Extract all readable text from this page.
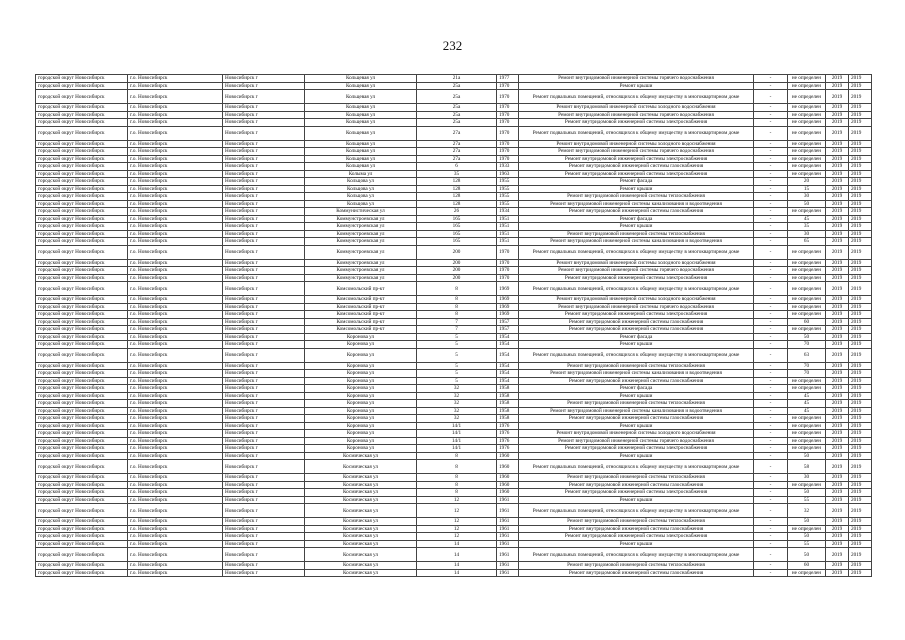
232
городской округ Новосибирск	г.о. Новосибирск	Новосибирск г	Кольцевая ул	21а	1977	Ремонт внутридомовой инженерной системы горячего водоснабжения	-	не определен	2019	2019
городской округ Новосибирск	г.о. Новосибирск	Новосибирск г	Кольцевая ул	25а	1970	Ремонт крыши	-	не определен	2019	2019
городской округ Новосибирск	г.о. Новосибирск	Новосибирск г	Кольцевая ул	25а	1970	Ремонт подвальных помещений, относящихся к общему имуществу в многоквартирном доме	-	не определен	2019	2019
городской округ Новосибирск	г.о. Новосибирск	Новосибирск г	Кольцевая ул	25а	1970	Ремонт внутридомовой инженерной системы холодного водоснабжения	-	не определен	2019	2019
городской округ Новосибирск	г.о. Новосибирск	Новосибирск г	Кольцевая ул	25а	1970	Ремонт внутридомовой инженерной системы горячего водоснабжения	-	не определен	2019	2019
городской округ Новосибирск	г.о. Новосибирск	Новосибирск г	Кольцевая ул	25а	1970	Ремонт внутридомовой инженерной системы электроснабжения	-	не определен	2019	2019
городской округ Новосибирск	г.о. Новосибирск	Новосибирск г	Кольцевая ул	27а	1970	Ремонт подвальных помещений, относящихся к общему имуществу в многоквартирном доме	-	не определен	2019	2019
городской округ Новосибирск	г.о. Новосибирск	Новосибирск г	Кольцевая ул	27а	1970	Ремонт внутридомовой инженерной системы холодного водоснабжения	-	не определен	2019	2019
городской округ Новосибирск	г.о. Новосибирск	Новосибирск г	Кольцевая ул	27а	1970	Ремонт внутридомовой инженерной системы горячего водоснабжения	-	не определен	2019	2019
городской округ Новосибирск	г.о. Новосибирск	Новосибирск г	Кольцевая ул	27а	1970	Ремонт внутридомовой инженерной системы электроснабжения	-	не определен	2019	2019
городской округ Новосибирск	г.о. Новосибирск	Новосибирск г	Кольцевая ул	6	1933	Ремонт внутридомовой инженерной системы газоснабжения	-	не определен	2019	2019
городской округ Новосибирск	г.о. Новосибирск	Новосибирск г	Колыма ул	35	1963	Ремонт внутридомовой инженерной системы электроснабжения	-	не определен	2019	2019
городской округ Новосибирск	г.о. Новосибирск	Новосибирск г	Кольцова ул	128	1955	Ремонт фасада	-	20	2019	2019
городской округ Новосибирск	г.о. Новосибирск	Новосибирск г	Кольцова ул	128	1955	Ремонт крыши	-	15	2019	2019
городской округ Новосибирск	г.о. Новосибирск	Новосибирск г	Кольцова ул	128	1955	Ремонт внутридомовой инженерной системы теплоснабжения	-	30	2019	2019
городской округ Новосибирск	г.о. Новосибирск	Новосибирск г	Кольцова ул	128	1955	Ремонт внутридомовой инженерной системы канализования и водоотведения	-	50	2019	2019
городской округ Новосибирск	г.о. Новосибирск	Новосибирск г	Коммунистическая ул	26	1934	Ремонт внутридомовой инженерной системы газоснабжения	-	не определен	2019	2019
городской округ Новосибирск	г.о. Новосибирск	Новосибирск г	Коммунстроевская ул	165	1951	Ремонт фасада	-	45	2019	2019
городской округ Новосибирск	г.о. Новосибирск	Новосибирск г	Коммунстроевская ул	165	1951	Ремонт крыши	-	35	2019	2019
городской округ Новосибирск	г.о. Новосибирск	Новосибирск г	Коммунстроевская ул	165	1951	Ремонт внутридомовой инженерной системы теплоснабжения	-	30	2019	2019
городской округ Новосибирск	г.о. Новосибирск	Новосибирск г	Коммунстроевская ул	165	1951	Ремонт внутридомовой инженерной системы канализования и водоотведения	-	65	2019	2019
городской округ Новосибирск	г.о. Новосибирск	Новосибирск г	Коммунстроевская ул	200	1970	Ремонт подвальных помещений, относящихся к общему имуществу в многоквартирном доме	-	не определен	2019	2019
городской округ Новосибирск	г.о. Новосибирск	Новосибирск г	Коммунстроевская ул	200	1970	Ремонт внутридомовой инженерной системы холодного водоснабжения	-	не определен	2019	2019
городской округ Новосибирск	г.о. Новосибирск	Новосибирск г	Коммунстроевская ул	200	1970	Ремонт внутридомовой инженерной системы горячего водоснабжения	-	не определен	2019	2019
городской округ Новосибирск	г.о. Новосибирск	Новосибирск г	Коммунстроевская ул	200	1970	Ремонт внутридомовой инженерной системы электроснабжения	-	не определен	2019	2019
городской округ Новосибирск	г.о. Новосибирск	Новосибирск г	Комсомольский пр-кт	8	1969	Ремонт подвальных помещений, относящихся к общему имуществу в многоквартирном доме	-	не определен	2019	2019
городской округ Новосибирск	г.о. Новосибирск	Новосибирск г	Комсомольский пр-кт	8	1969	Ремонт внутридомовой инженерной системы холодного водоснабжения	-	не определен	2019	2019
городской округ Новосибирск	г.о. Новосибирск	Новосибирск г	Комсомольский пр-кт	8	1969	Ремонт внутридомовой инженерной системы горячего водоснабжения	-	не определен	2019	2019
городской округ Новосибирск	г.о. Новосибирск	Новосибирск г	Комсомольский пр-кт	8	1969	Ремонт внутридомовой инженерной системы электроснабжения	-	не определен	2019	2019
городской округ Новосибирск	г.о. Новосибирск	Новосибирск г	Комсомольский пр-кт	7	1957	Ремонт внутридомовой инженерной системы газоснабжения	-	60	2019	2019
городской округ Новосибирск	г.о. Новосибирск	Новосибирск г	Комсомольский пр-кт	7	1957	Ремонт внутридомовой инженерной системы газоснабжения	-	не определен	2019	2019
городской округ Новосибирск	г.о. Новосибирск	Новосибирск г	Коронова ул	5	1954	Ремонт фасада	-	50	2019	2019
городской округ Новосибирск	г.о. Новосибирск	Новосибирск г	Коронова ул	5	1954	Ремонт крыши	-	70	2019	2019
городской округ Новосибирск	г.о. Новосибирск	Новосибирск г	Коронова ул	5	1954	Ремонт подвальных помещений, относящихся к общему имуществу в многоквартирном доме	-	63	2019	2019
городской округ Новосибирск	г.о. Новосибирск	Новосибирск г	Коронова ул	5	1954	Ремонт внутридомовой инженерной системы теплоснабжения	-	70	2019	2019
городской округ Новосибирск	г.о. Новосибирск	Новосибирск г	Коронова ул	5	1954	Ремонт внутридомовой инженерной системы канализования и водоотведения	-	70	2019	2019
городской округ Новосибирск	г.о. Новосибирск	Новосибирск г	Коронова ул	5	1954	Ремонт внутридомовой инженерной системы газоснабжения	-	не определен	2019	2019
городской округ Новосибирск	г.о. Новосибирск	Новосибирск г	Коронова ул	32	1958	Ремонт фасада	-	не определен	2019	2019
городской округ Новосибирск	г.о. Новосибирск	Новосибирск г	Коронова ул	32	1958	Ремонт крыши	-	45	2019	2019
городской округ Новосибирск	г.о. Новосибирск	Новосибирск г	Коронова ул	32	1958	Ремонт внутридомовой инженерной системы теплоснабжения	-	45	2019	2019
городской округ Новосибирск	г.о. Новосибирск	Новосибирск г	Коронова ул	32	1958	Ремонт внутридомовой инженерной системы канализования и водоотведения	-	45	2019	2019
городской округ Новосибирск	г.о. Новосибирск	Новосибирск г	Коронова ул	32	1958	Ремонт внутридомовой инженерной системы газоснабжения	-	не определен	2019	2019
городской округ Новосибирск	г.о. Новосибирск	Новосибирск г	Коронова ул	14/1	1976	Ремонт крыши	-	не определен	2019	2019
городской округ Новосибирск	г.о. Новосибирск	Новосибирск г	Коронова ул	14/1	1976	Ремонт внутридомовой инженерной системы холодного водоснабжения	-	не определен	2019	2019
городской округ Новосибирск	г.о. Новосибирск	Новосибирск г	Коронова ул	14/1	1976	Ремонт внутридомовой инженерной системы горячего водоснабжения	-	не определен	2019	2019
городской округ Новосибирск	г.о. Новосибирск	Новосибирск г	Коронова ул	14/1	1976	Ремонт внутридомовой инженерной системы электроснабжения	-	не определен	2019	2019
городской округ Новосибирск	г.о. Новосибирск	Новосибирск г	Космическая ул	8	1960	Ремонт крыши	-	50	2019	2019
городской округ Новосибирск	г.о. Новосибирск	Новосибирск г	Космическая ул	8	1960	Ремонт подвальных помещений, относящихся к общему имуществу в многоквартирном доме	-	58	2019	2019
городской округ Новосибирск	г.о. Новосибирск	Новосибирск г	Космическая ул	8	1960	Ремонт внутридомовой инженерной системы теплоснабжения	-	30	2019	2019
городской округ Новосибирск	г.о. Новосибирск	Новосибирск г	Космическая ул	8	1960	Ремонт внутридомовой инженерной системы газоснабжения	-	не определен	2019	2019
городской округ Новосибирск	г.о. Новосибирск	Новосибирск г	Космическая ул	8	1960	Ремонт внутридомовой инженерной системы электроснабжения	-	50	2019	2019
городской округ Новосибирск	г.о. Новосибирск	Новосибирск г	Космическая ул	12	1961	Ремонт крыши	-	55	2019	2019
городской округ Новосибирск	г.о. Новосибирск	Новосибирск г	Космическая ул	12	1961	Ремонт подвальных помещений, относящихся к общему имуществу в многоквартирном доме	-	32	2019	2019
городской округ Новосибирск	г.о. Новосибирск	Новосибирск г	Космическая ул	12	1961	Ремонт внутридомовой инженерной системы теплоснабжения	-	50	2019	2019
городской округ Новосибирск	г.о. Новосибирск	Новосибирск г	Космическая ул	12	1961	Ремонт внутридомовой инженерной системы газоснабжения	-	не определен	2019	2019
городской округ Новосибирск	г.о. Новосибирск	Новосибирск г	Космическая ул	12	1961	Ремонт внутридомовой инженерной системы электроснабжения	-	50	2019	2019
городской округ Новосибирск	г.о. Новосибирск	Новосибирск г	Космическая ул	14	1961	Ремонт крыши	-	55	2019	2019
городской округ Новосибирск	г.о. Новосибирск	Новосибирск г	Космическая ул	14	1961	Ремонт подвальных помещений, относящихся к общему имуществу в многоквартирном доме	-	50	2019	2019
городской округ Новосибирск	г.о. Новосибирск	Новосибирск г	Космическая ул	14	1961	Ремонт внутридомовой инженерной системы теплоснабжения	-	60	2019	2019
городской округ Новосибирск	г.о. Новосибирск	Новосибирск г	Космическая ул	14	1961	Ремонт внутридомовой инженерной системы газоснабжения	-	не определен	2019	2019
